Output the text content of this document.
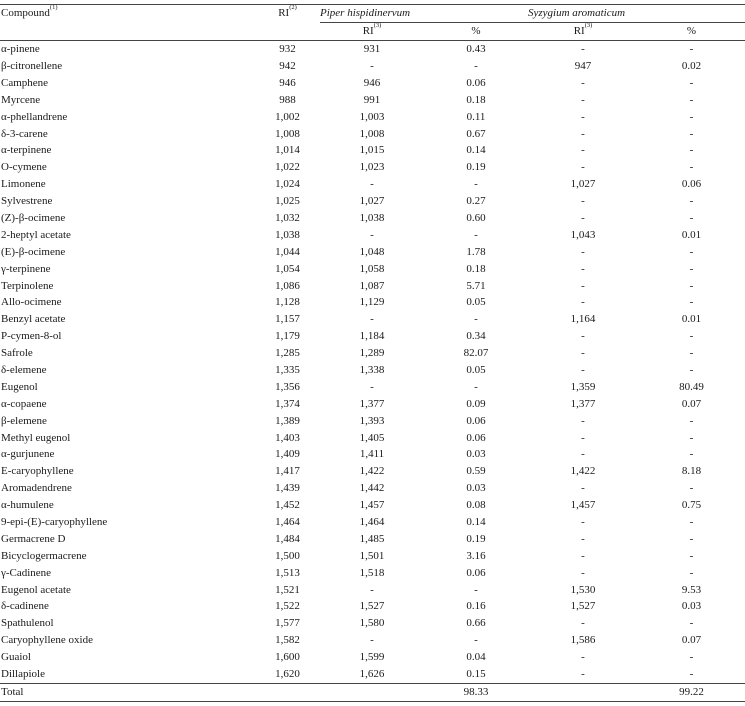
Compound$^{(1)}$	RI$^{(2)}$	Piper hispidinervum		Syzygium aromaticum	
		RI$^{(3)}$	%	RI$^{(3)}$	%
α-pinene	932	931	0.43	-	-
β-citronellene	942	-	-	947	0.02
Camphene	946	946	0.06	-	-
Myrcene	988	991	0.18	-	-
α-phellandrene	1,002	1,003	0.11	-	-
δ-3-carene	1,008	1,008	0.67	-	-
α-terpinene	1,014	1,015	0.14	-	-
O-cymene	1,022	1,023	0.19	-	-
Limonene	1,024	-	-	1,027	0.06
Sylvestrene	1,025	1,027	0.27	-	-
(Z)-β-ocimene	1,032	1,038	0.60	-	-
2-heptyl acetate	1,038	-	-	1,043	0.01
(E)-β-ocimene	1,044	1,048	1.78	-	-
γ-terpinene	1,054	1,058	0.18	-	-
Terpinolene	1,086	1,087	5.71	-	-
Allo-ocimene	1,128	1,129	0.05	-	-
Benzyl acetate	1,157	-	-	1,164	0.01
P-cymen-8-ol	1,179	1,184	0.34	-	-
Safrole	1,285	1,289	82.07	-	-
δ-elemene	1,335	1,338	0.05	-	-
Eugenol	1,356	-	-	1,359	80.49
α-copaene	1,374	1,377	0.09	1,377	0.07
β-elemene	1,389	1,393	0.06	-	-
Methyl eugenol	1,403	1,405	0.06	-	-
α-gurjunene	1,409	1,411	0.03	-	-
E-caryophyllene	1,417	1,422	0.59	1,422	8.18
Aromadendrene	1,439	1,442	0.03	-	-
α-humulene	1,452	1,457	0.08	1,457	0.75
9-epi-(E)-caryophyllene	1,464	1,464	0.14	-	-
Germacrene D	1,484	1,485	0.19	-	-
Bicyclogermacrene	1,500	1,501	3.16	-	-
γ-Cadinene	1,513	1,518	0.06	-	-
Eugenol acetate	1,521	-	-	1,530	9.53
δ-cadinene	1,522	1,527	0.16	1,527	0.03
Spathulenol	1,577	1,580	0.66	-	-
Caryophyllene oxide	1,582	-	-	1,586	0.07
Guaiol	1,600	1,599	0.04	-	-
Dillapiole	1,620	1,626	0.15	-	-
Total			98.33		99.22
